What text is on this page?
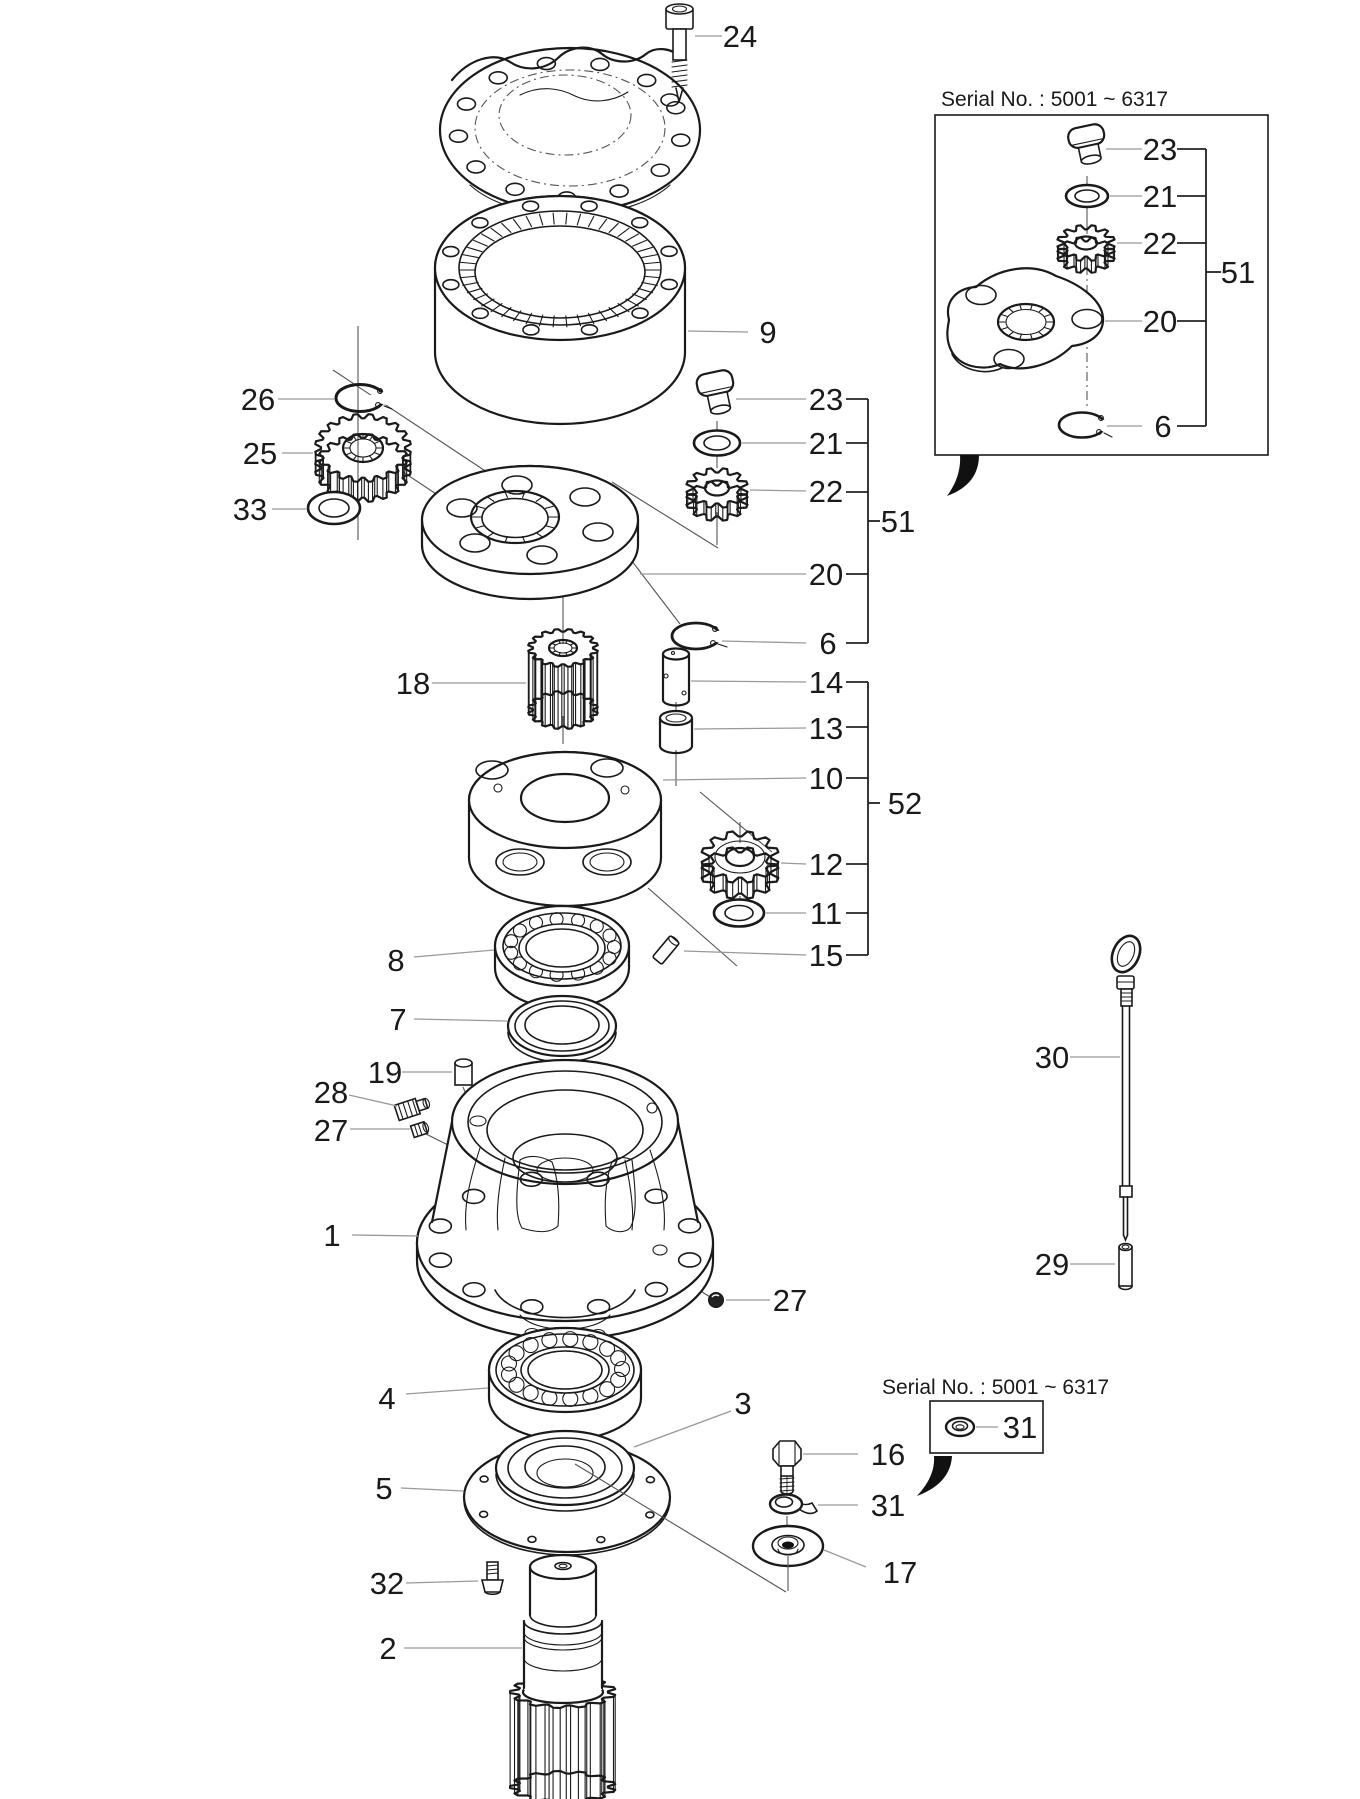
Serial No. : 5001 ~ 6317
23
21
22
20
6
51
Serial No. : 5001 ~ 6317
31
24
9
26
25
33
23
21
22
20
6
51
18	14
13
10
52
12
11
15
8
7
19
28
27
1
27
30
29
4	3
5
32
2
16
31
17
